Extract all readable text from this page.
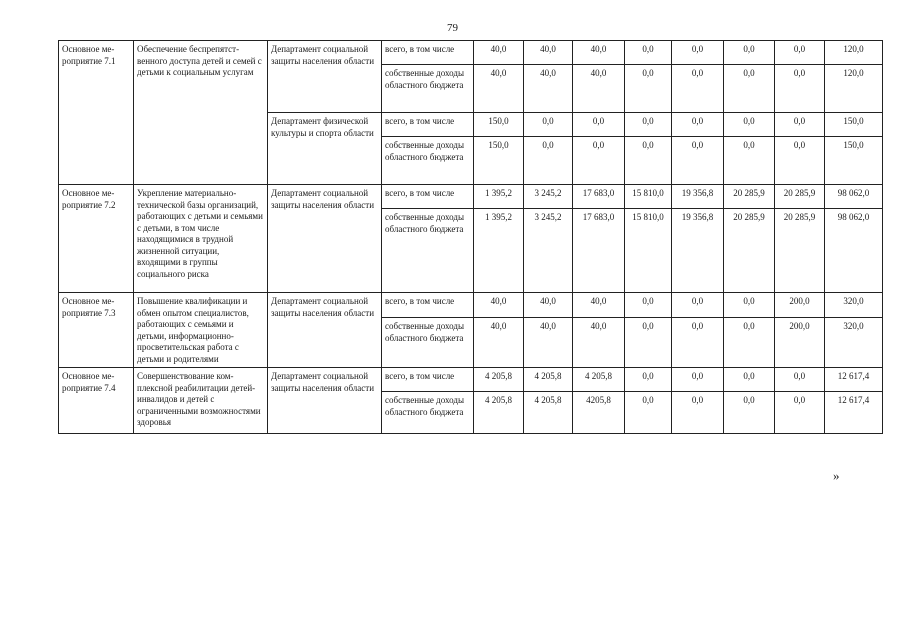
79
Основное мероприятие 7.1	Обеспечение беспрепятственного доступа детей и семей с детьми к социальным услугам	Департамент социальной защиты населения области	всего, в том числе	40,0	40,0	40,0	0,0	0,0	0,0	0,0	120,0
			собственные доходы областного бюджета	40,0	40,0	40,0	0,0	0,0	0,0	0,0	120,0
		Департамент физической культуры и спорта области	всего, в том числе	150,0	0,0	0,0	0,0	0,0	0,0	0,0	150,0
			собственные доходы областного бюджета	150,0	0,0	0,0	0,0	0,0	0,0	0,0	150,0
Основное мероприятие 7.2	Укрепление материально-технической базы организаций, работающих с детьми и семьями с детьми, в том числе находящимися в трудной жизненной ситуации, входящими в группы социального риска	Департамент социальной защиты населения области	всего, в том числе	1 395,2	3 245,2	17 683,0	15 810,0	19 356,8	20 285,9	20 285,9	98 062,0
			собственные доходы областного бюджета	1 395,2	3 245,2	17 683,0	15 810,0	19 356,8	20 285,9	20 285,9	98 062,0
Основное мероприятие 7.3	Повышение квалификации и обмен опытом специалистов, работающих с семьями и детьми, информационно-просветительская работа с детьми и родителями	Департамент социальной защиты населения области	всего, в том числе	40,0	40,0	40,0	0,0	0,0	0,0	200,0	320,0
			собственные доходы областного бюджета	40,0	40,0	40,0	0,0	0,0	0,0	200,0	320,0
Основное мероприятие 7.4	Совершенствование комплексной реабилитации детей-инвалидов и детей с ограниченными возможностями здоровья	Департамент социальной защиты населения области	всего, в том числе	4 205,8	4 205,8	4 205,8	0,0	0,0	0,0	0,0	12 617,4
			собственные доходы областного бюджета	4 205,8	4 205,8	4205,8	0,0	0,0	0,0	0,0	12 617,4
»
